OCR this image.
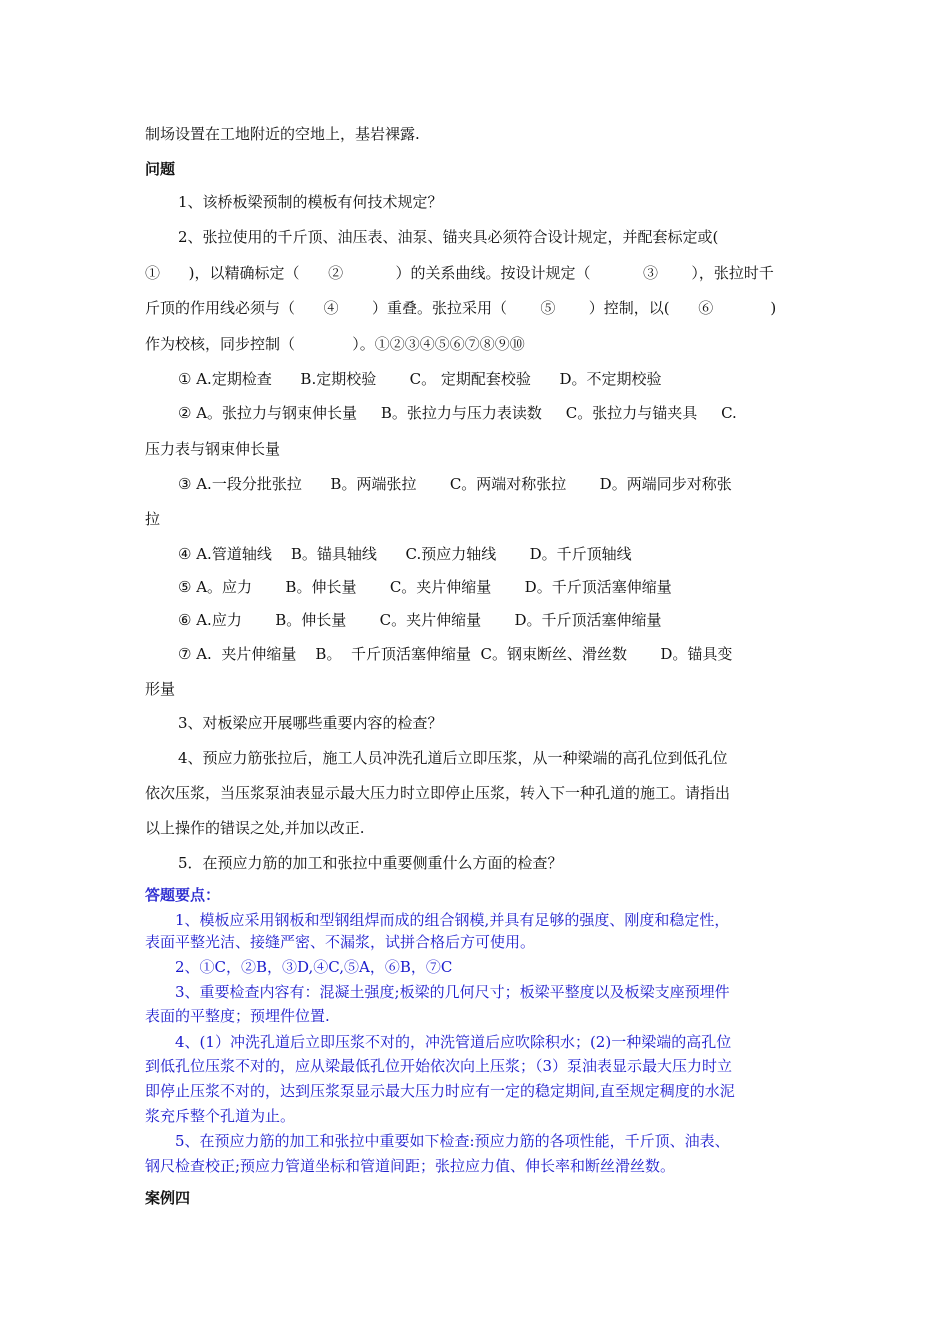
制场设置在工地附近的空地上，基岩裸露.
问题
1、该桥板梁预制的模板有何技术规定？
2、张拉使用的千斤顶、油压表、油泵、锚夹具必须符合设计规定，并配套标定或(
①      )，以精确标定（      ②           ）的关系曲线。按设计规定（           ③       ），张拉时千
斤顶的作用线必须与（      ④       ）重叠。张拉采用（       ⑤       ）控制，以(      ⑥            )
作为校核，同步控制（            ）。①②③④⑤⑥⑦⑧⑨⑩
① A.定期检查      B.定期校验       C。 定期配套校验      D。不定期校验
② A。张拉力与钢束伸长量     B。张拉力与压力表读数     C。张拉力与锚夹具     C.
压力表与钢束伸长量
③ A.一段分批张拉      B。两端张拉       C。两端对称张拉       D。两端同步对称张
拉
④ A.管道轴线    B。锚具轴线      C.预应力轴线       D。千斤顶轴线
⑤ A。应力       B。伸长量       C。夹片伸缩量       D。千斤顶活塞伸缩量
⑥ A.应力       B。伸长量       C。夹片伸缩量       D。千斤顶活塞伸缩量
⑦ A.  夹片伸缩量    B。  千斤顶活塞伸缩量  C。钢束断丝、滑丝数       D。锚具变
形量
3、对板梁应开展哪些重要内容的检查？
4、预应力筋张拉后，施工人员冲洗孔道后立即压浆，从一种梁端的高孔位到低孔位
依次压浆，当压浆泵油表显示最大压力时立即停止压浆，转入下一种孔道的施工。请指出
以上操作的错误之处,并加以改正.
5．在预应力筋的加工和张拉中重要侧重什么方面的检查？
答题要点：
1、模板应采用钢板和型钢组焊而成的组合钢模,并具有足够的强度、刚度和稳定性，
表面平整光洁、接缝严密、不漏浆，试拼合格后方可使用。
2、①C，②B，③D,④C,⑤A，⑥B，⑦C
3、重要检查内容有：混凝土强度;板梁的几何尺寸；板梁平整度以及板梁支座预埋件
表面的平整度；预埋件位置.
4、(1）冲洗孔道后立即压浆不对的，冲洗管道后应吹除积水；(2)一种梁端的高孔位
到低孔位压浆不对的，应从梁最低孔位开始依次向上压浆；（3）泵油表显示最大压力时立
即停止压浆不对的，达到压浆泵显示最大压力时应有一定的稳定期间,直至规定稠度的水泥
浆充斥整个孔道为止。
5、在预应力筋的加工和张拉中重要如下检查:预应力筋的各项性能，千斤顶、油表、
钢尺检查校正;预应力管道坐标和管道间距；张拉应力值、伸长率和断丝滑丝数。
案例四
